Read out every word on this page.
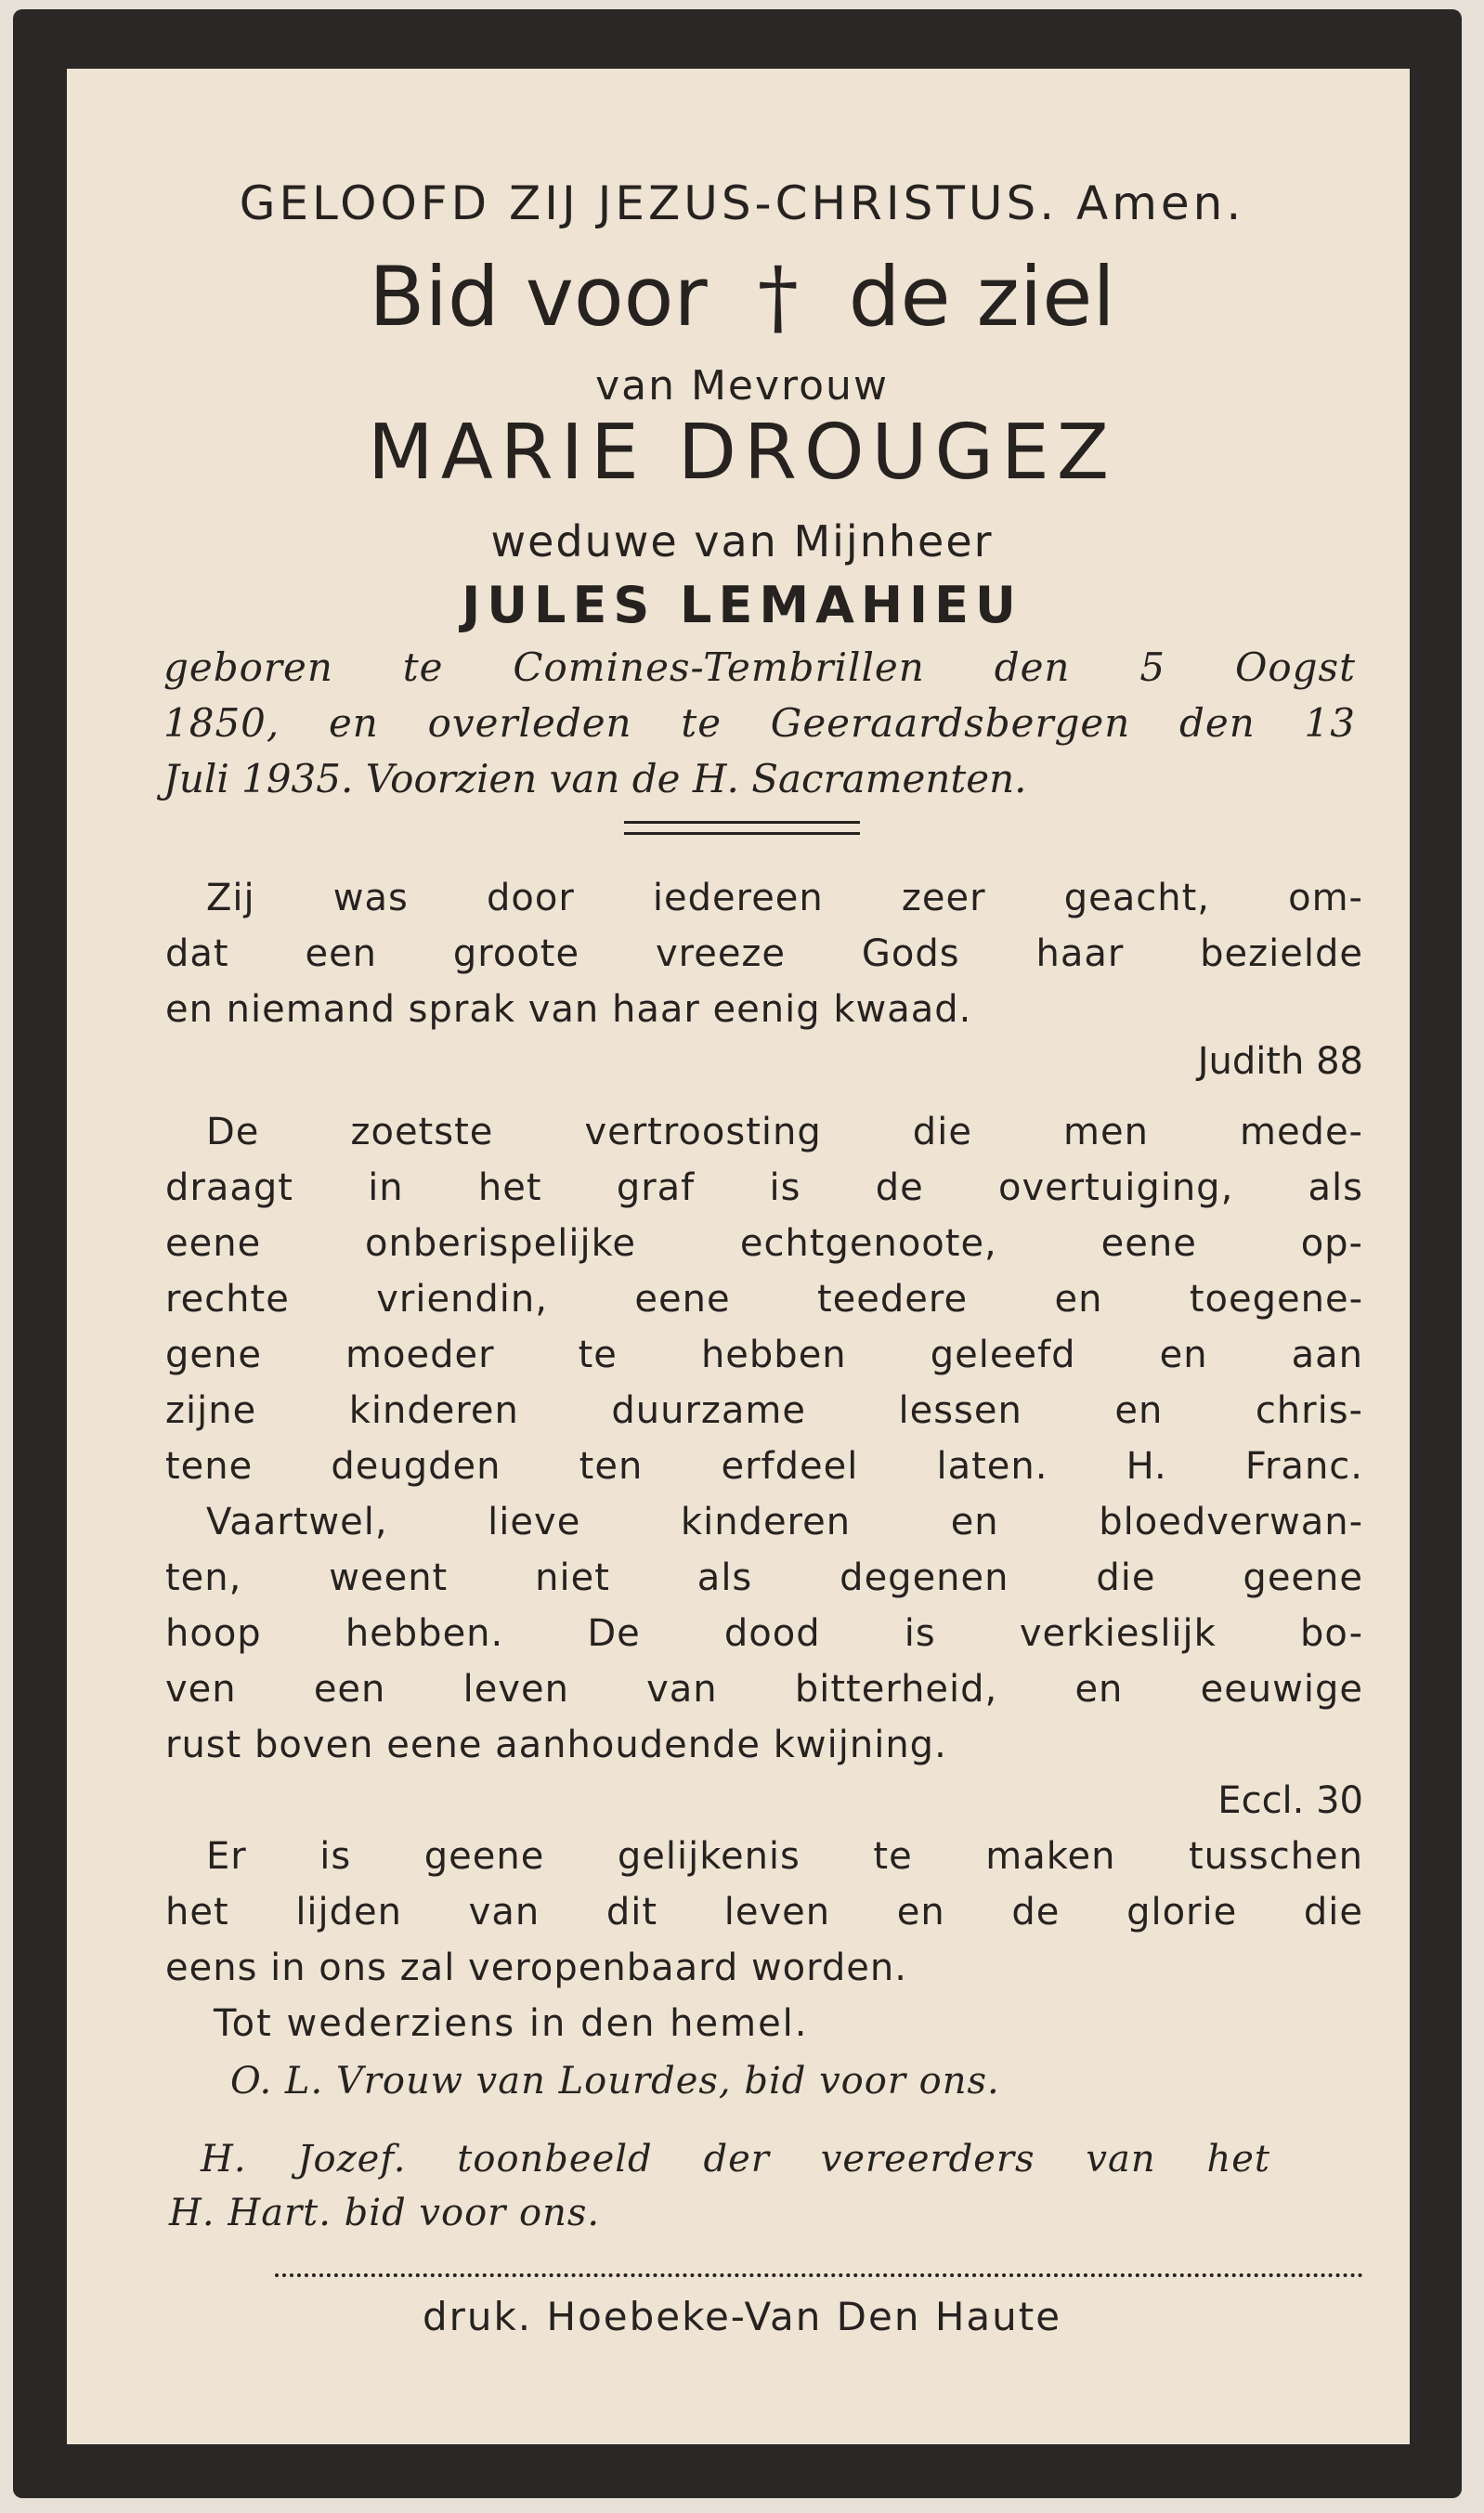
GELOOFD ZIJ JEZUS-CHRISTUS. Amen.
Bid voor † de ziel
van Mevrouw
MARIE DROUGEZ
weduwe van Mijnheer
JULES LEMAHIEU
geboren te Comines-Tembrillen den 5 Oogst
1850, en overleden te Geeraardsbergen den 13
Juli 1935. Voorzien van de H. Sacramenten.
Zij was door iedereen zeer geacht, om-
dat een groote vreeze Gods haar bezielde
en niemand sprak van haar eenig kwaad.
Judith 88
De zoetste vertroosting die men mede-
draagt in het graf is de overtuiging, als
eene onberispelijke echtgenoote, eene op-
rechte vriendin, eene teedere en toegene-
gene moeder te hebben geleefd en aan
zijne kinderen duurzame lessen en chris-
tene deugden ten erfdeel laten. H. Franc.
Vaartwel, lieve kinderen en bloedverwan-
ten, weent niet als degenen die geene
hoop hebben. De dood is verkieslijk bo-
ven een leven van bitterheid, en eeuwige
rust boven eene aanhoudende kwijning.
Eccl. 30
Er is geene gelijkenis te maken tusschen
het lijden van dit leven en de glorie die
eens in ons zal veropenbaard worden.
Tot wederziens in den hemel.
O. L. Vrouw van Lourdes, bid voor ons.
H. Jozef. toonbeeld der vereerders van het
H. Hart. bid voor ons.
druk. Hoebeke-Van Den Haute
